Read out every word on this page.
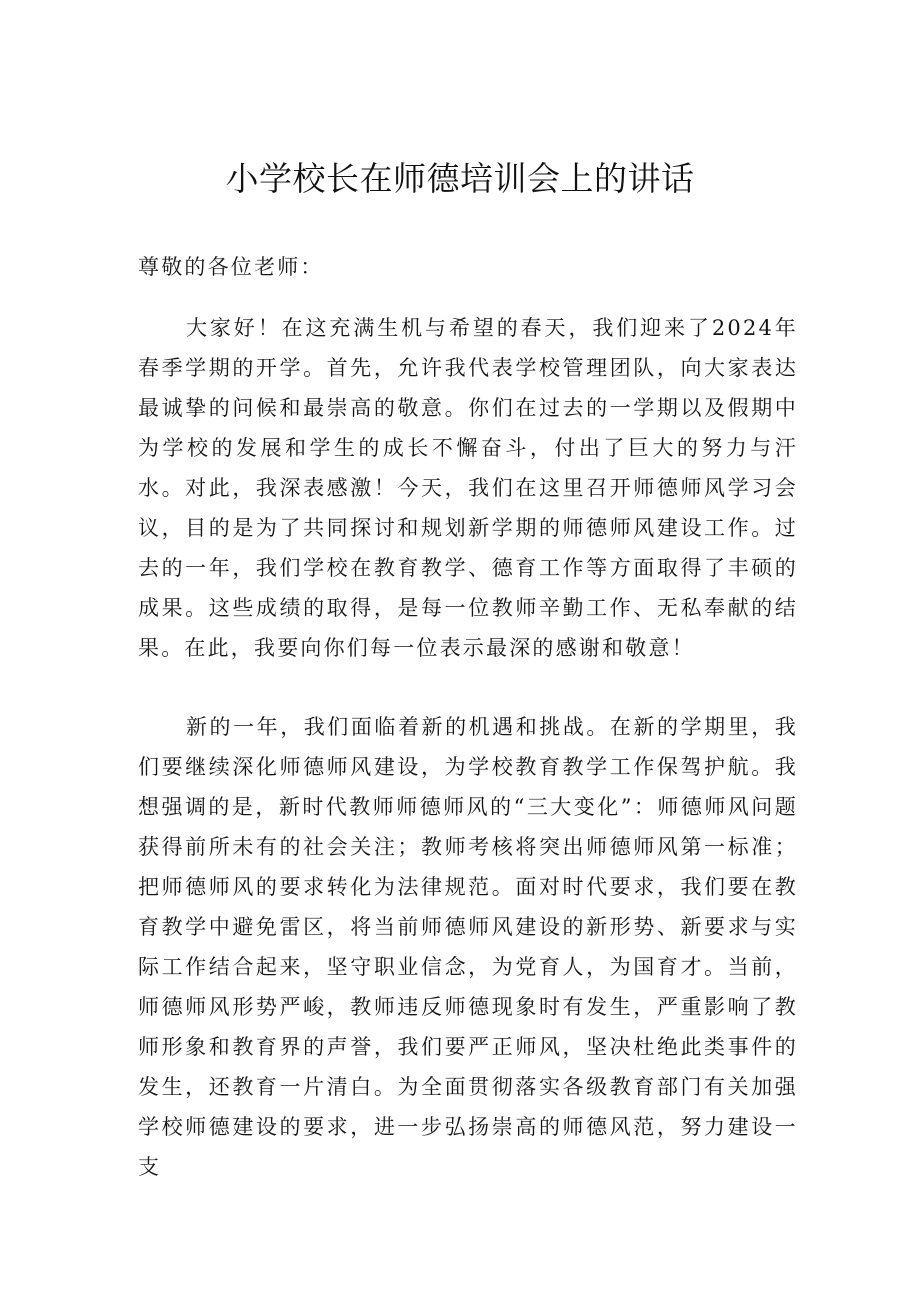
小学校长在师德培训会上的讲话

尊敬的各位老师：

大家好！在这充满生机与希望的春天，我们迎来了2024年春季学期的开学。首先，允许我代表学校管理团队，向大家表达最诚挚的问候和最崇高的敬意。你们在过去的一学期以及假期中为学校的发展和学生的成长不懈奋斗，付出了巨大的努力与汗水。对此，我深表感激！今天，我们在这里召开师德师风学习会议，目的是为了共同探讨和规划新学期的师德师风建设工作。过去的一年，我们学校在教育教学、德育工作等方面取得了丰硕的成果。这些成绩的取得，是每一位教师辛勤工作、无私奉献的结果。在此，我要向你们每一位表示最深的感谢和敬意！

新的一年，我们面临着新的机遇和挑战。在新的学期里，我们要继续深化师德师风建设，为学校教育教学工作保驾护航。我想强调的是，新时代教师师德师风的“三大变化”：师德师风问题获得前所未有的社会关注；教师考核将突出师德师风第一标准；把师德师风的要求转化为法律规范。面对时代要求，我们要在教育教学中避免雷区，将当前师德师风建设的新形势、新要求与实际工作结合起来，坚守职业信念，为党育人，为国育才。当前，师德师风形势严峻，教师违反师德现象时有发生，严重影响了教师形象和教育界的声誉，我们要严正师风，坚决杜绝此类事件的发生，还教育一片清白。为全面贯彻落实各级教育部门有关加强学校师德建设的要求，进一步弘扬崇高的师德风范，努力建设一支
